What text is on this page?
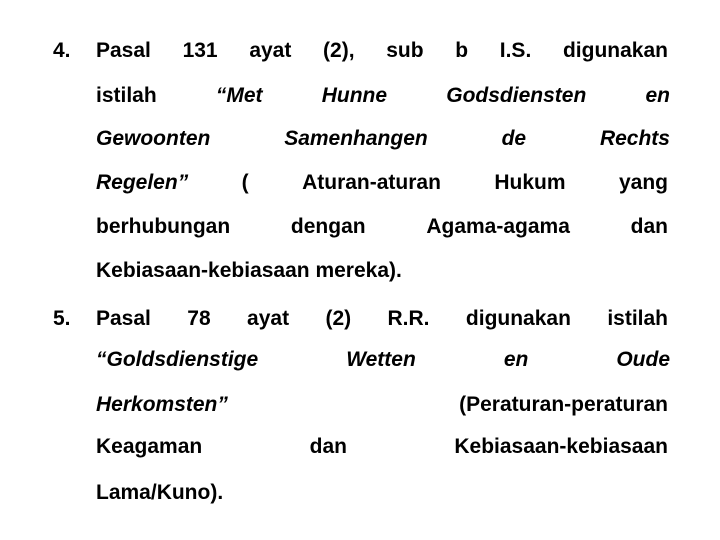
4. Pasal 131 ayat (2), sub b I.S. digunakan
istilah	“Met	Hunne	Godsdiensten	en
Gewoonten	Samenhangen	de	Rechts
Regelen”	(	Aturan-aturan	Hukum	yang
berhubungan	dengan	Agama-agama	dan
Kebiasaan-kebiasaan mereka).
5. Pasal 78 ayat (2) R.R. digunakan istilah
“Goldsdienstige	Wetten	en	Oude
Herkomsten”	(Peraturan-peraturan
Keagaman	dan	Kebiasaan-kebiasaan
Lama/Kuno).
